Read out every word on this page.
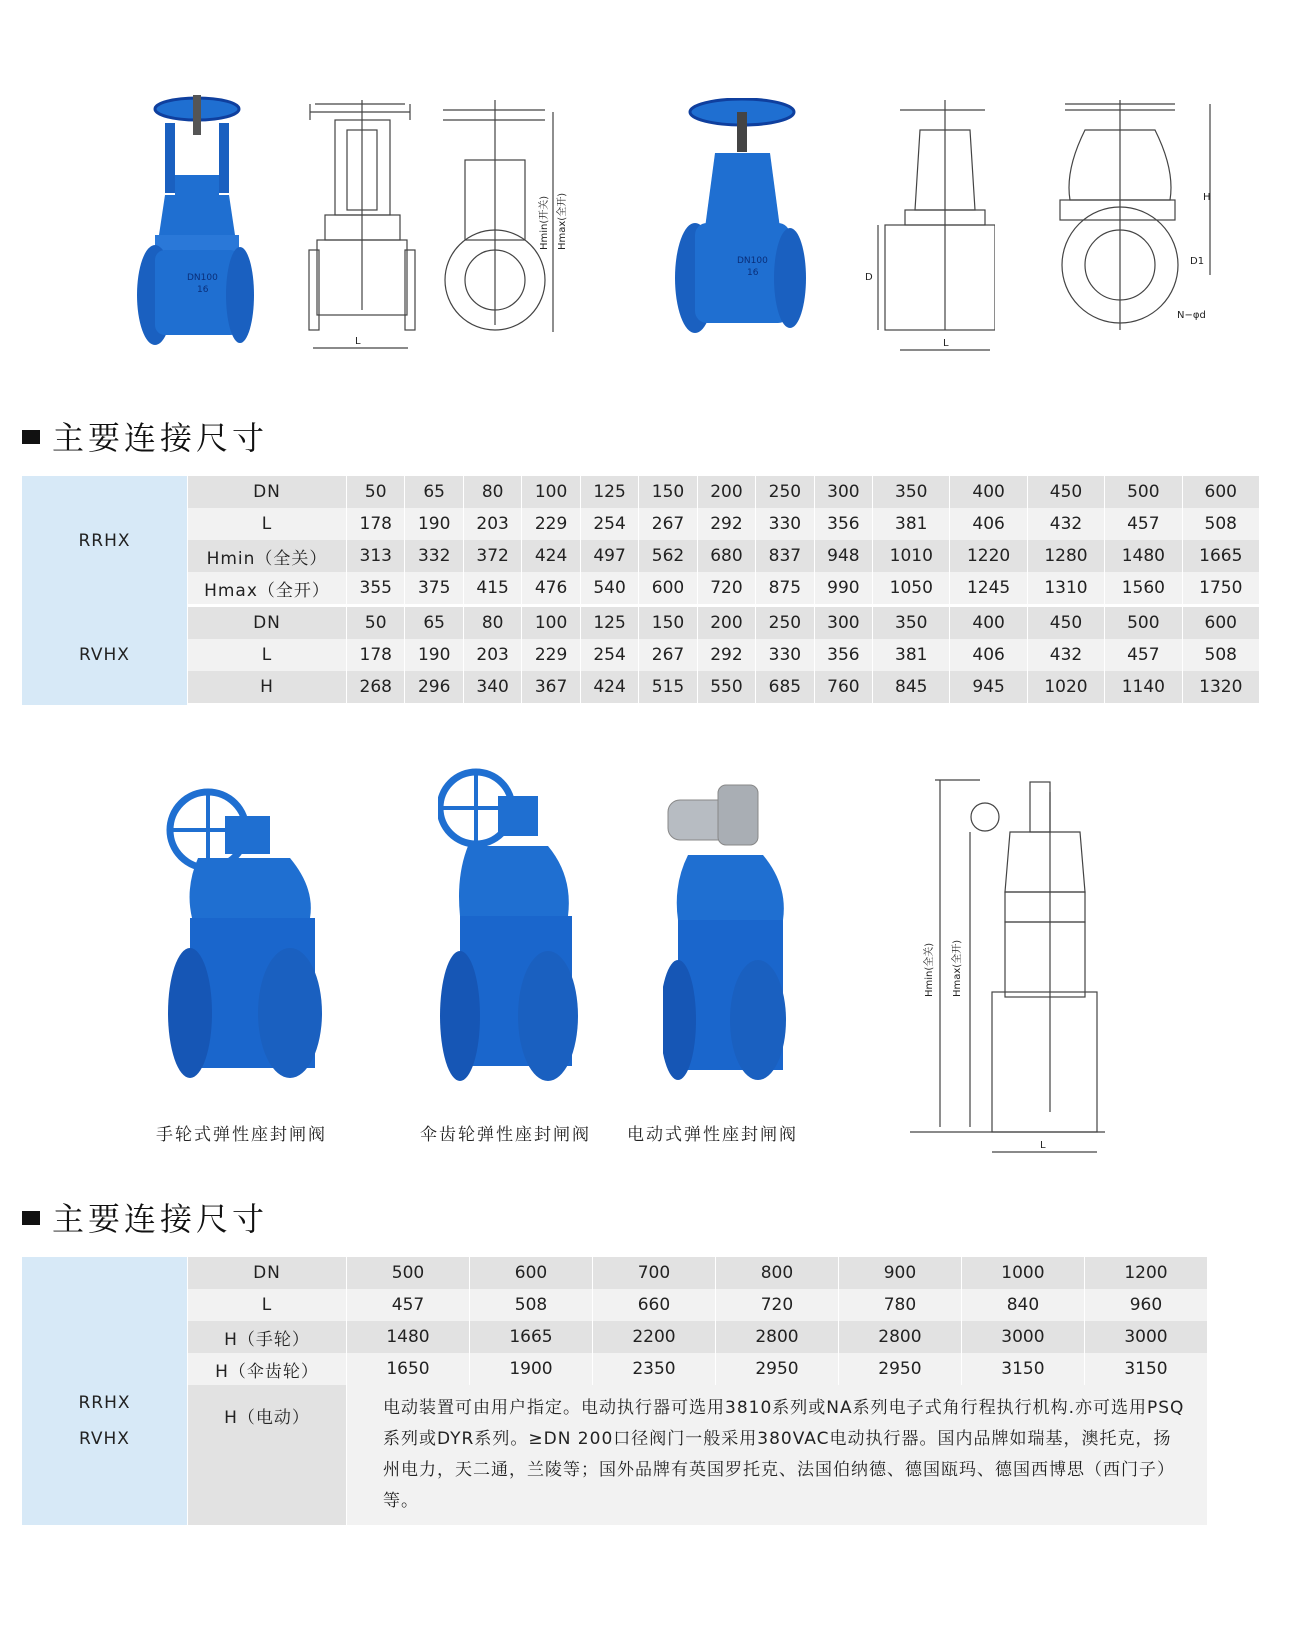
DN100
16
L
Hmin(开关) Hmax(全开)
DN100
16	D
L
H
D1
N−φd
主要连接尺寸
RRHX	DN	50	65	80	100	125	150	200	250	300	350	400	450	500	600
	L	178	190	203	229	254	267	292	330	356	381	406	432	457	508
	Hmin（全关）	313	332	372	424	497	562	680	837	948	1010	1220	1280	1480	1665
	Hmax（全开）	355	375	415	476	540	600	720	875	990	1050	1245	1310	1560	1750
RVHX	DN	50	65	80	100	125	150	200	250	300	350	400	450	500	600
	L	178	190	203	229	254	267	292	330	356	381	406	432	457	508
	H	268	296	340	367	424	515	550	685	760	845	945	1020	1140	1320
手轮式弹性座封闸阀	伞齿轮弹性座封闸阀 电动式弹性座封闸阀
Hmin(全关) Hmax(全开)
L
主要连接尺寸
RRHX
RVHX	DN	500	600	700	800	900	1000	1200
	L	457	508	660	720	780	840	960
	H（手轮）	1480	1665	2200	2800	2800	3000	3000
	H（伞齿轮）	1650	1900	2350	2950	2950	3150	3150
	H（电动）	电动装置可由用户指定。电动执行器可选用3810系列或NA系列电子式角行程执行机构.亦可选用PSQ系列或DYR系列。≥DN 200口径阀门一般采用380VAC电动执行器。国内品牌如瑞基，澳托克，扬州电力，天二通，兰陵等；国外品牌有英国罗托克、法国伯纳德、德国瓯玛、德国西博思（西门子）等。						
